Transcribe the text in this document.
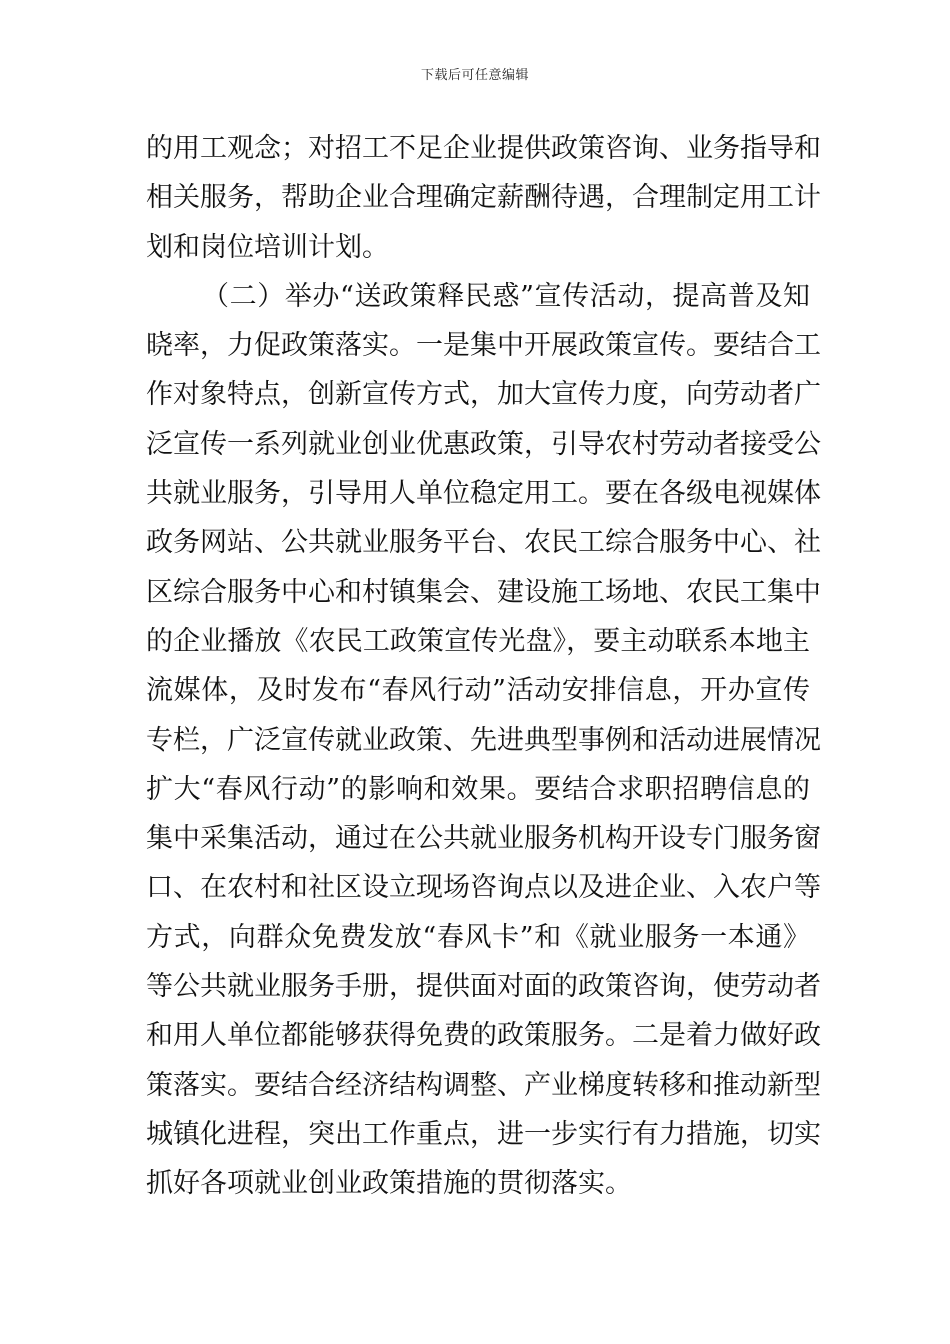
下载后可任意编辑
的用工观念；对招工不足企业提供政策咨询、业务指导和
相关服务，帮助企业合理确定薪酬待遇，合理制定用工计
划和岗位培训计划。
（二）举办“送政策释民惑”宣传活动，提高普及知
晓率，力促政策落实。一是集中开展政策宣传。要结合工
作对象特点，创新宣传方式，加大宣传力度，向劳动者广
泛宣传一系列就业创业优惠政策，引导农村劳动者接受公
共就业服务，引导用人单位稳定用工。要在各级电视媒体
政务网站、公共就业服务平台、农民工综合服务中心、社
区综合服务中心和村镇集会、建设施工场地、农民工集中
的企业播放《农民工政策宣传光盘》，要主动联系本地主
流媒体，及时发布“春风行动”活动安排信息，开办宣传
专栏，广泛宣传就业政策、先进典型事例和活动进展情况
扩大“春风行动”的影响和效果。要结合求职招聘信息的
集中采集活动，通过在公共就业服务机构开设专门服务窗
口、在农村和社区设立现场咨询点以及进企业、入农户等
方式，向群众免费发放“春风卡”和《就业服务一本通》
等公共就业服务手册，提供面对面的政策咨询，使劳动者
和用人单位都能够获得免费的政策服务。二是着力做好政
策落实。要结合经济结构调整、产业梯度转移和推动新型
城镇化进程，突出工作重点，进一步实行有力措施，切实
抓好各项就业创业政策措施的贯彻落实。
